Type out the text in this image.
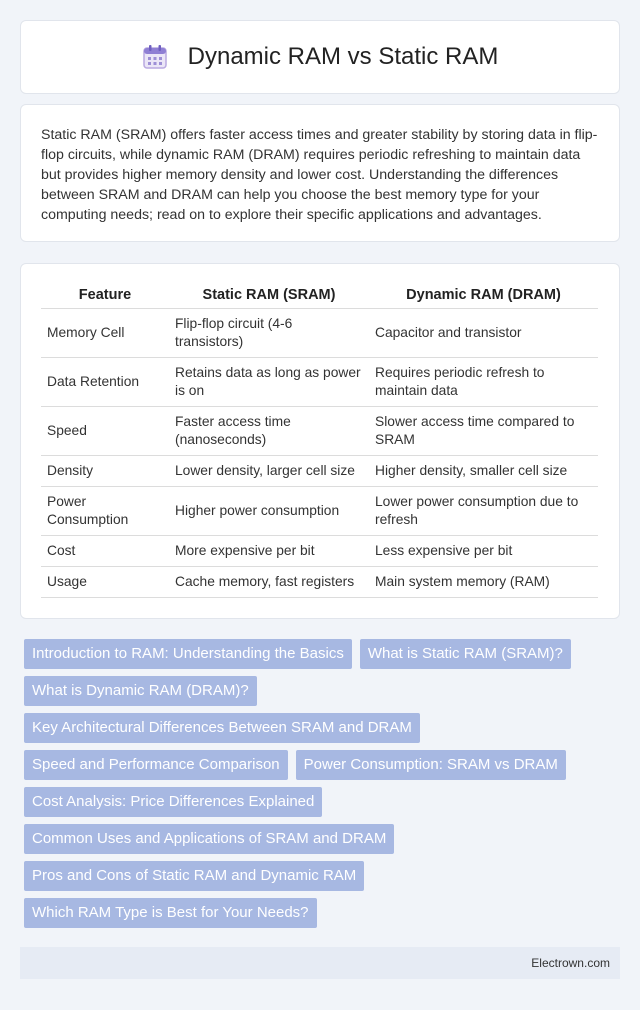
Dynamic RAM vs Static RAM

Static RAM (SRAM) offers faster access times and greater stability by storing data in flip-flop circuits, while dynamic RAM (DRAM) requires periodic refreshing to maintain data but provides higher memory density and lower cost. Understanding the differences between SRAM and DRAM can help you choose the best memory type for your computing needs; read on to explore their specific applications and advantages.

Feature	Static RAM (SRAM)	Dynamic RAM (DRAM)
Memory Cell	Flip-flop circuit (4-6 transistors)	Capacitor and transistor
Data Retention	Retains data as long as power is on	Requires periodic refresh to maintain data
Speed	Faster access time (nanoseconds)	Slower access time compared to SRAM
Density	Lower density, larger cell size	Higher density, smaller cell size
Power Consumption	Higher power consumption	Lower power consumption due to refresh
Cost	More expensive per bit	Less expensive per bit
Usage	Cache memory, fast registers	Main system memory (RAM)
Introduction to RAM: Understanding the Basics	What is Static RAM (SRAM)?
What is Dynamic RAM (DRAM)?
Key Architectural Differences Between SRAM and DRAM
Speed and Performance Comparison	Power Consumption: SRAM vs DRAM
Cost Analysis: Price Differences Explained
Common Uses and Applications of SRAM and DRAM
Pros and Cons of Static RAM and Dynamic RAM
Which RAM Type is Best for Your Needs?
Electrown.com
